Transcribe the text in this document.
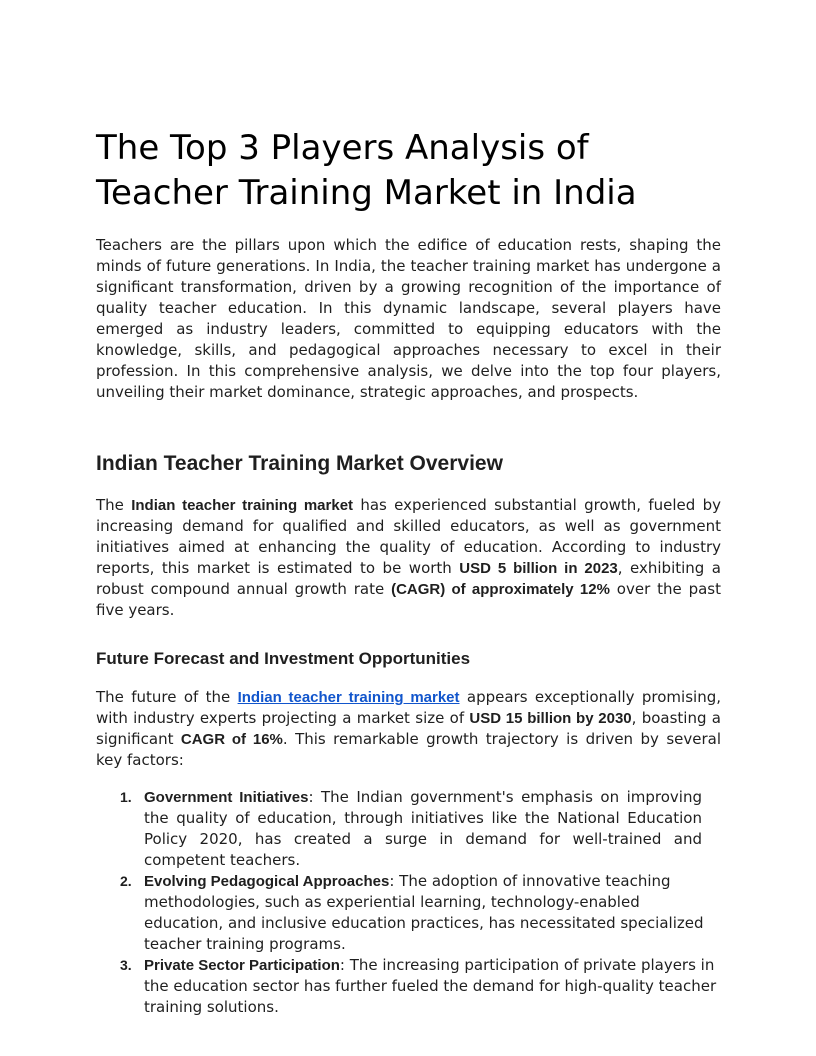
The Top 3 Players Analysis of
Teacher Training Market in India

Teachers are the pillars upon which the edifice of education rests, shaping the minds of future generations. In India, the teacher training market has undergone a significant transformation, driven by a growing recognition of the importance of quality teacher education. In this dynamic landscape, several players have emerged as industry leaders, committed to equipping educators with the knowledge, skills, and pedagogical approaches necessary to excel in their profession. In this comprehensive analysis, we delve into the top four players, unveiling their market dominance, strategic approaches, and prospects.

Indian Teacher Training Market Overview

The Indian teacher training market has experienced substantial growth, fueled by increasing demand for qualified and skilled educators, as well as government initiatives aimed at enhancing the quality of education. According to industry reports, this market is estimated to be worth USD 5 billion in 2023, exhibiting a robust compound annual growth rate (CAGR) of approximately 12% over the past five years.

Future Forecast and Investment Opportunities

The future of the Indian teacher training market appears exceptionally promising, with industry experts projecting a market size of USD 15 billion by 2030, boasting a significant CAGR of 16%. This remarkable growth trajectory is driven by several key factors:

1. Government Initiatives: The Indian government's emphasis on improving the quality of education, through initiatives like the National Education Policy 2020, has created a surge in demand for well-trained and competent teachers.
2. Evolving Pedagogical Approaches: The adoption of innovative teaching methodologies, such as experiential learning, technology-enabled education, and inclusive education practices, has necessitated specialized teacher training programs.
3. Private Sector Participation: The increasing participation of private players in the education sector has further fueled the demand for high-quality teacher training solutions.
